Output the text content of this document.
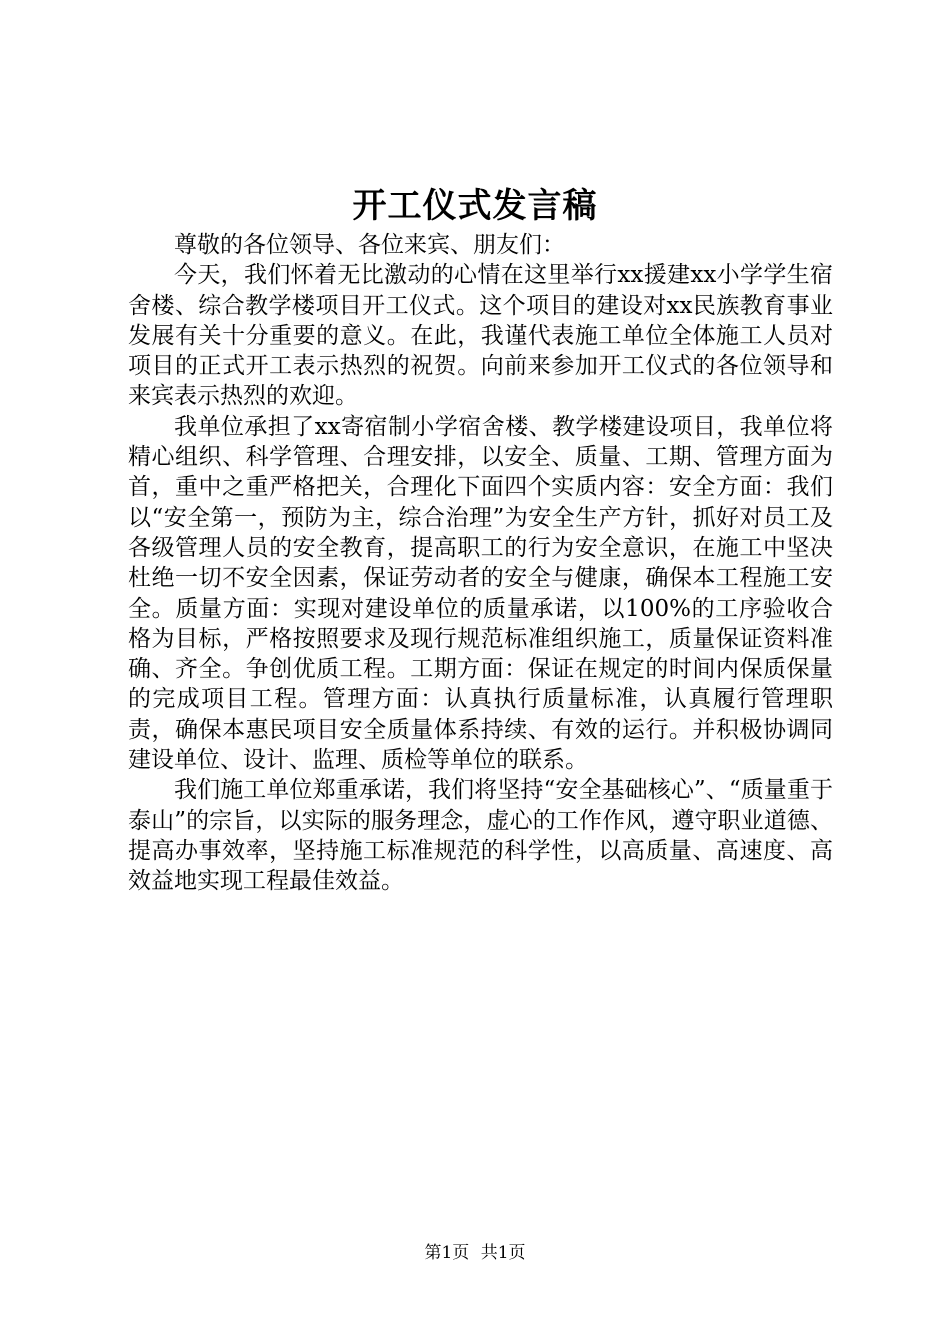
开工仪式发言稿

尊敬的各位领导、各位来宾、朋友们：

今天，我们怀着无比激动的心情在这里举行xx援建xx小学学生宿舍楼、综合教学楼项目开工仪式。这个项目的建设对xx民族教育事业发展有关十分重要的意义。在此，我谨代表施工单位全体施工人员对项目的正式开工表示热烈的祝贺。向前来参加开工仪式的各位领导和来宾表示热烈的欢迎。

我单位承担了xx寄宿制小学宿舍楼、教学楼建设项目，我单位将精心组织、科学管理、合理安排，以安全、质量、工期、管理方面为首，重中之重严格把关，合理化下面四个实质内容：安全方面：我们以“安全第一，预防为主，综合治理”为安全生产方针，抓好对员工及各级管理人员的安全教育，提高职工的行为安全意识，在施工中坚决杜绝一切不安全因素，保证劳动者的安全与健康，确保本工程施工安全。质量方面：实现对建设单位的质量承诺，以100%的工序验收合格为目标，严格按照要求及现行规范标准组织施工，质量保证资料准确、齐全。争创优质工程。工期方面：保证在规定的时间内保质保量的完成项目工程。管理方面：认真执行质量标准，认真履行管理职责，确保本惠民项目安全质量体系持续、有效的运行。并积极协调同建设单位、设计、监理、质检等单位的联系。

我们施工单位郑重承诺，我们将坚持“安全基础核心”、“质量重于泰山”的宗旨，以实际的服务理念，虚心的工作作风，遵守职业道德、提高办事效率，坚持施工标准规范的科学性，以高质量、高速度、高效益地实现工程最佳效益。

第1页 共1页
